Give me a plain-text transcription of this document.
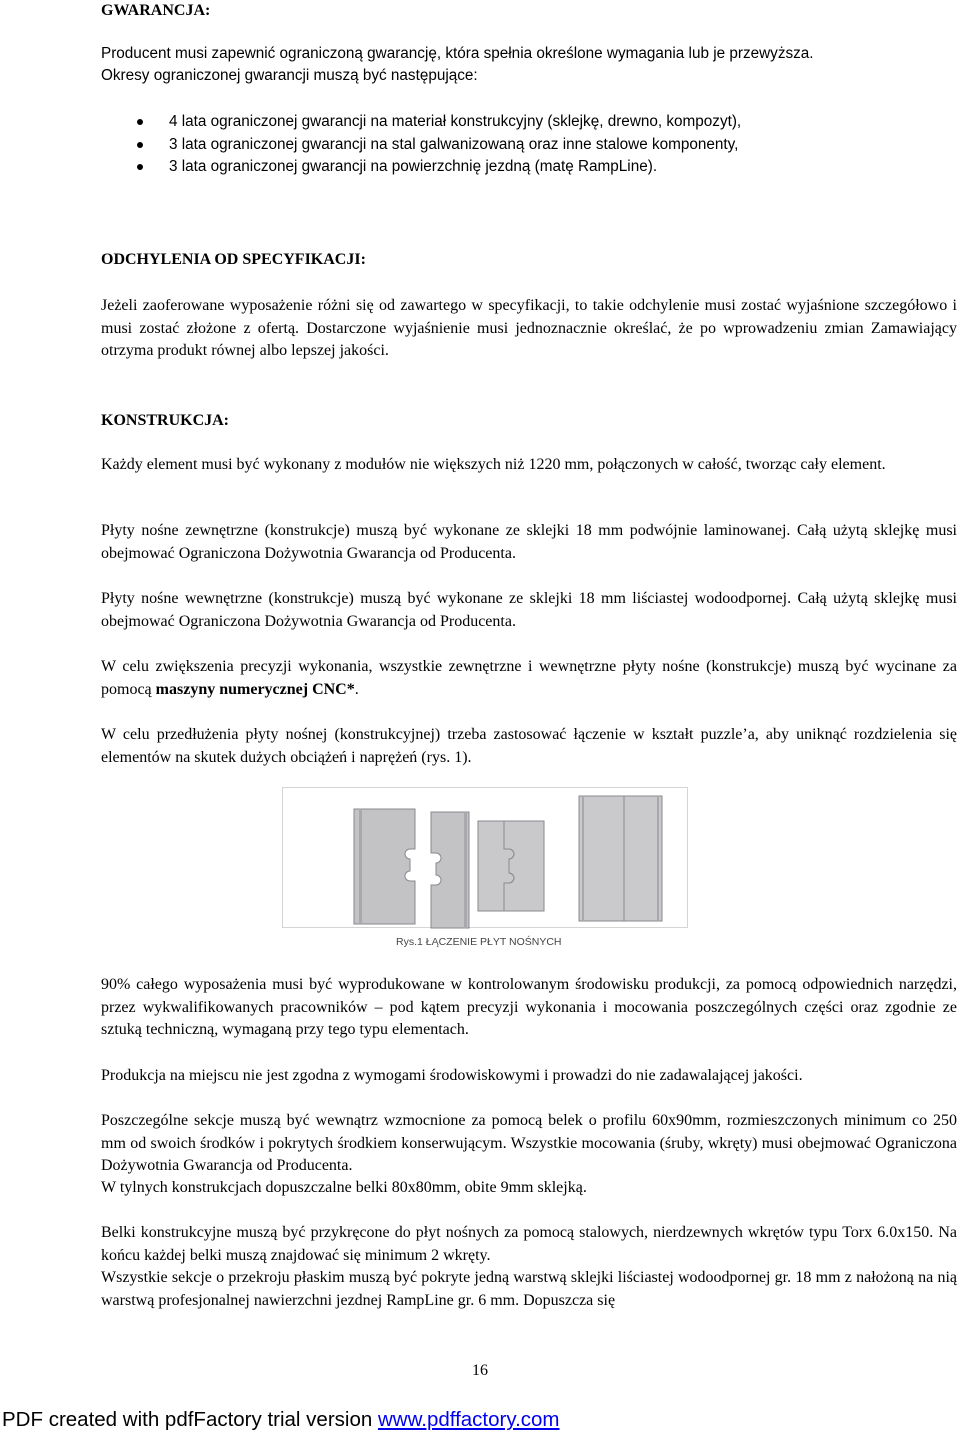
GWARANCJA:

Producent musi zapewnić ograniczoną gwarancję, która spełnia określone wymagania lub je przewyższa.

Okresy ograniczonej gwarancji muszą być następujące:

4 lata ograniczonej gwarancji na materiał konstrukcyjny (sklejkę, drewno, kompozyt),
3 lata ograniczonej gwarancji na stal galwanizowaną oraz inne stalowe komponenty,
3 lata ograniczonej gwarancji na powierzchnię jezdną (matę RampLine).
ODCHYLENIA OD SPECYFIKACJI:

Jeżeli zaoferowane wyposażenie różni się od zawartego w specyfikacji, to takie odchylenie musi zostać wyjaśnione szczegółowo i musi zostać złożone z ofertą. Dostarczone wyjaśnienie musi jednoznacznie określać, że po wprowadzeniu zmian Zamawiający otrzyma produkt równej albo lepszej jakości.

KONSTRUKCJA:

Każdy element musi być wykonany z modułów nie większych niż 1220 mm, połączonych w całość, tworząc cały element.

Płyty nośne zewnętrzne (konstrukcje) muszą być wykonane ze sklejki 18 mm podwójnie laminowanej. Całą użytą sklejkę musi obejmować Ograniczona Dożywotnia Gwarancja od Producenta.

Płyty nośne wewnętrzne (konstrukcje) muszą być wykonane ze sklejki 18 mm liściastej wodoodpornej. Całą użytą sklejkę musi obejmować Ograniczona Dożywotnia Gwarancja od Producenta.

W celu zwiększenia precyzji wykonania, wszystkie zewnętrzne i wewnętrzne płyty nośne (konstrukcje) muszą być wycinane za pomocą maszyny numerycznej CNC*.

W celu przedłużenia płyty nośnej (konstrukcyjnej) trzeba zastosować łączenie w kształt puzzle’a, aby uniknąć rozdzielenia się elementów na skutek dużych obciążeń i naprężeń (rys. 1).

90% całego wyposażenia musi być wyprodukowane w kontrolowanym środowisku produkcji, za pomocą odpowiednich narzędzi, przez wykwalifikowanych pracowników – pod kątem precyzji wykonania i mocowania poszczególnych części oraz zgodnie ze sztuką techniczną, wymaganą przy tego typu elementach.

Produkcja na miejscu nie jest zgodna z wymogami środowiskowymi i prowadzi do nie zadawalającej jakości.

Poszczególne sekcje muszą być wewnątrz wzmocnione za pomocą belek o profilu 60x90mm, rozmieszczonych minimum co 250 mm od swoich środków i pokrytych środkiem konserwującym. Wszystkie mocowania (śruby, wkręty) musi obejmować Ograniczona Dożywotnia Gwarancja od Producenta.

W tylnych konstrukcjach dopuszczalne belki 80x80mm, obite 9mm sklejką.

Belki konstrukcyjne muszą być przykręcone do płyt nośnych za pomocą stalowych, nierdzewnych wkrętów typu Torx 6.0x150. Na końcu każdej belki muszą znajdować się minimum 2 wkręty.

Wszystkie sekcje o przekroju płaskim muszą być pokryte jedną warstwą sklejki liściastej wodoodpornej gr. 18 mm z nałożoną na nią warstwą profesjonalnej nawierzchni jezdnej RampLine gr. 6 mm. Dopuszcza się

Rys.1 ŁĄCZENIE PŁYT NOŚNYCH
16
PDF created with pdfFactory trial version www.pdffactory.com
